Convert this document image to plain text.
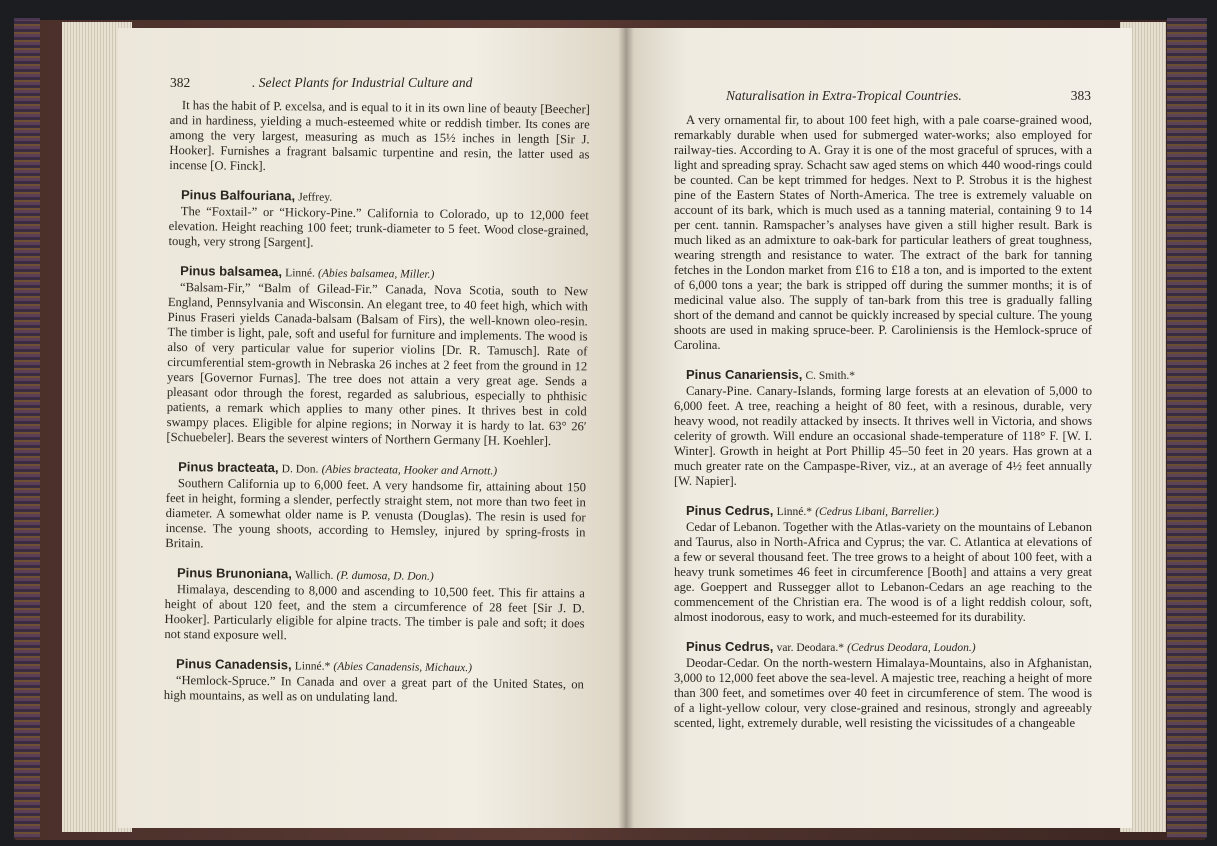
382	. Select Plants for Industrial Culture and

It has the habit of P. excelsa, and is equal to it in its own line of beauty [Beecher] and in hardiness, yielding a much-esteemed white or reddish timber. Its cones are among the very largest, measuring as much as 15½ inches in length [Sir J. Hooker]. Furnishes a fragrant balsamic turpentine and resin, the latter used as incense [O. Finck].

Pinus Balfouriana, Jeffrey.

The “Foxtail-” or “Hickory-Pine.” California to Colorado, up to 12,000 feet elevation. Height reaching 100 feet; trunk-diameter to 5 feet. Wood close-grained, tough, very strong [Sargent].

Pinus balsamea, Linné. (Abies balsamea, Miller.)

“Balsam-Fir,” “Balm of Gilead-Fir.” Canada, Nova Scotia, south to New England, Pennsylvania and Wisconsin. An elegant tree, to 40 feet high, which with Pinus Fraseri yields Canada-balsam (Balsam of Firs), the well-known oleo-resin. The timber is light, pale, soft and useful for furniture and implements. The wood is also of very particular value for superior violins [Dr. R. Tamusch]. Rate of circumferential stem-growth in Nebraska 26 inches at 2 feet from the ground in 12 years [Governor Furnas]. The tree does not attain a very great age. Sends a pleasant odor through the forest, regarded as salubrious, especially to phthisic patients, a remark which applies to many other pines. It thrives best in cold swampy places. Eligible for alpine regions; in Norway it is hardy to lat. 63° 26′ [Schuebeler]. Bears the severest winters of Northern Germany [H. Koehler].

Pinus bracteata, D. Don. (Abies bracteata, Hooker and Arnott.)

Southern California up to 6,000 feet. A very handsome fir, attaining about 150 feet in height, forming a slender, perfectly straight stem, not more than two feet in diameter. A somewhat older name is P. venusta (Douglas). The resin is used for incense. The young shoots, according to Hemsley, injured by spring-frosts in Britain.

Pinus Brunoniana, Wallich. (P. dumosa, D. Don.)

Himalaya, descending to 8,000 and ascending to 10,500 feet. This fir attains a height of about 120 feet, and the stem a circumference of 28 feet [Sir J. D. Hooker]. Particularly eligible for alpine tracts. The timber is pale and soft; it does not stand exposure well.

Pinus Canadensis, Linné.* (Abies Canadensis, Michaux.)

“Hemlock-Spruce.” In Canada and over a great part of the United States, on high mountains, as well as on undulating land.

Naturalisation in Extra-Tropical Countries.	383

A very ornamental fir, to about 100 feet high, with a pale coarse-grained wood, remarkably durable when used for submerged water-works; also employed for railway-ties. According to A. Gray it is one of the most graceful of spruces, with a light and spreading spray. Schacht saw aged stems on which 440 wood-rings could be counted. Can be kept trimmed for hedges. Next to P. Strobus it is the highest pine of the Eastern States of North-America. The tree is extremely valuable on account of its bark, which is much used as a tanning material, containing 9 to 14 per cent. tannin. Ramspacher’s analyses have given a still higher result. Bark is much liked as an admixture to oak-bark for particular leathers of great toughness, wearing strength and resistance to water. The extract of the bark for tanning fetches in the London market from £16 to £18 a ton, and is imported to the extent of 6,000 tons a year; the bark is stripped off during the summer months; it is of medicinal value also. The supply of tan-bark from this tree is gradually falling short of the demand and cannot be quickly increased by special culture. The young shoots are used in making spruce-beer. P. Caroliniensis is the Hemlock-spruce of Carolina.

Pinus Canariensis, C. Smith.*

Canary-Pine. Canary-Islands, forming large forests at an elevation of 5,000 to 6,000 feet. A tree, reaching a height of 80 feet, with a resinous, durable, very heavy wood, not readily attacked by insects. It thrives well in Victoria, and shows celerity of growth. Will endure an occasional shade-temperature of 118° F. [W. I. Winter]. Growth in height at Port Phillip 45–50 feet in 20 years. Has grown at a much greater rate on the Campaspe-River, viz., at an average of 4½ feet annually [W. Napier].

Pinus Cedrus, Linné.* (Cedrus Libani, Barrelier.)

Cedar of Lebanon. Together with the Atlas-variety on the mountains of Lebanon and Taurus, also in North-Africa and Cyprus; the var. C. Atlantica at elevations of a few or several thousand feet. The tree grows to a height of about 100 feet, with a heavy trunk sometimes 46 feet in circumference [Booth] and attains a very great age. Goeppert and Russegger allot to Lebanon-Cedars an age reaching to the commencement of the Christian era. The wood is of a light reddish colour, soft, almost inodorous, easy to work, and much-esteemed for its durability.

Pinus Cedrus, var. Deodara.* (Cedrus Deodara, Loudon.)

Deodar-Cedar. On the north-western Himalaya-Mountains, also in Afghanistan, 3,000 to 12,000 feet above the sea-level. A majestic tree, reaching a height of more than 300 feet, and sometimes over 40 feet in circumference of stem. The wood is of a light-yellow colour, very close-grained and resinous, strongly and agreeably scented, light, extremely durable, well resisting the vicissitudes of a changeable
